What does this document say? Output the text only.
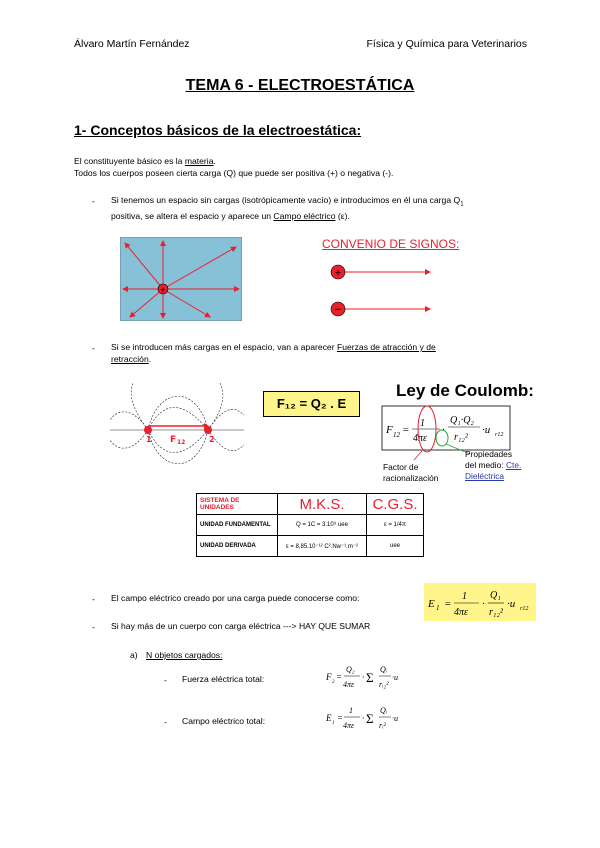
Álvaro Martín Fernández	Física y Química para Veterinarios
TEMA 6 - ELECTROESTÁTICA
1- Conceptos básicos de la electroestática:
El constituyente básico es la materia.
Todos los cuerpos poseen cierta carga (Q) que puede ser positiva (+) o negativa (-).
- Si tenemos un espacio sin cargas (isotrópicamente vacío) e introducimos en él una carga $Q_1$
positiva, se altera el espacio y aparece un Campo eléctrico (ε).
+
CONVENIO DE SIGNOS:
+
−
- Si se introducen más cargas en el espacio, van a aparecer Fuerzas de atracción y de
retracción.
1	2
F 12
F₁₂ = Q₂ . E
Ley de Coulomb:
F 12 =
1
4πε
·
Q₁·Q₂
r₁₂²
·u r12
Factor de
racionalización
Propiedades
del medio: Cte.
Dieléctrica
SISTEMA DE UNIDADES	M.K.S.	C.G.S.
UNIDAD FUNDAMENTAL	Q = 1C = 3.10⁹ uee	ε = 1/4π
UNIDAD DERIVADA	ε = 8,85.10⁻¹² C².Nw⁻¹.m⁻²	uee
- El campo eléctrico creado por una carga puede conocerse como:	E 1 =
1
4πε
·
Q₁
r₁₂²
·u r12
- Si hay más de un cuerpo con carga eléctrica ---> HAY QUE SUMAR
a) N objetos cargados:
- Fuerza eléctrica total:	F
2
=
Q₂
4πε
· Σ
Qᵢ
rᵢ₂²
·u
- Campo eléctrico total:	E
1
=
1
4πε
· Σ
Qᵢ
rᵢ²
·u
